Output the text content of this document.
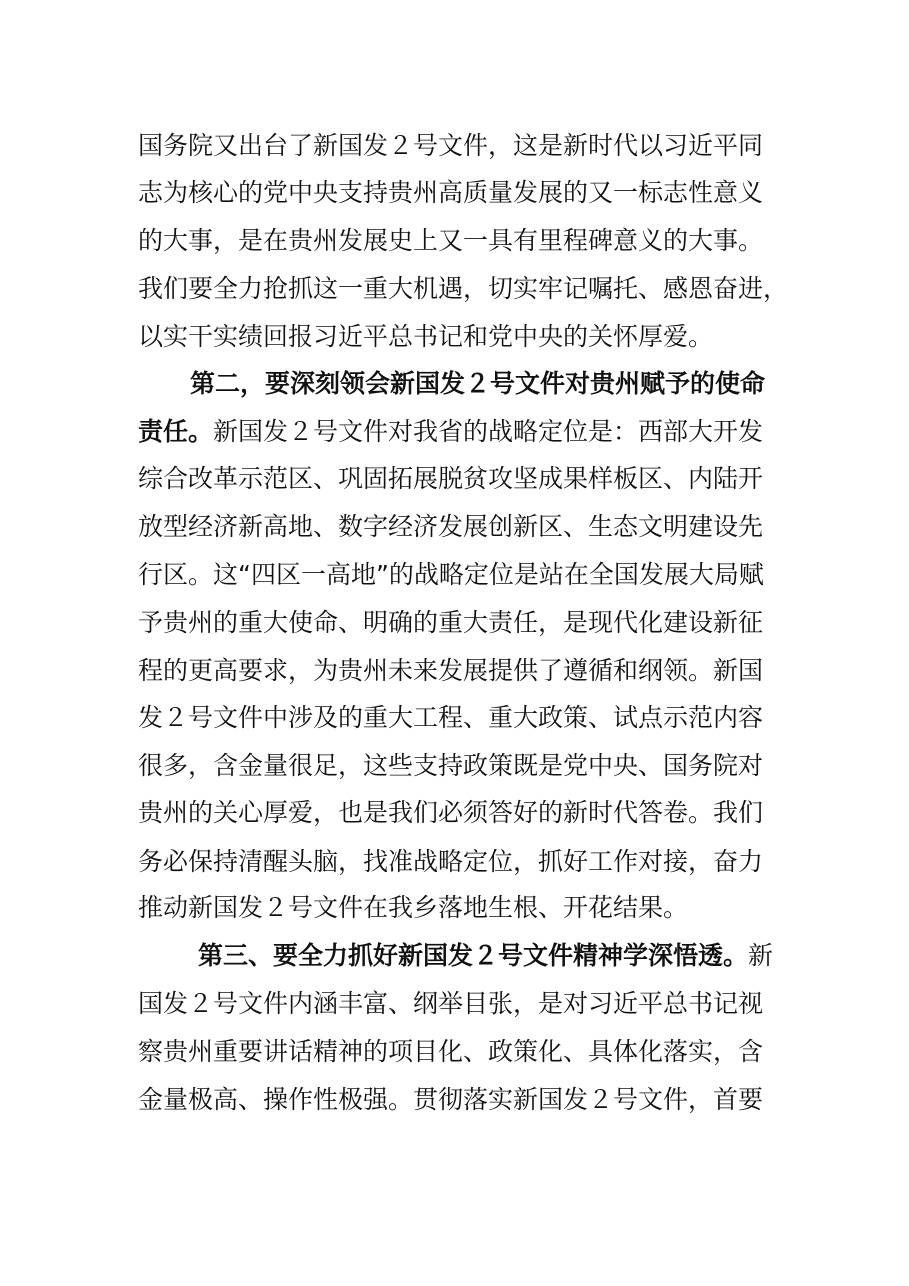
国务院又出台了新国发２号文件，这是新时代以习近平同
志为核心的党中央支持贵州高质量发展的又一标志性意义
的大事，是在贵州发展史上又一具有里程碑意义的大事。
我们要全力抢抓这一重大机遇，切实牢记嘱托、感恩奋进，
以实干实绩回报习近平总书记和党中央的关怀厚爱。
第二，要深刻领会新国发２号文件对贵州赋予的使命
责任。新国发２号文件对我省的战略定位是：西部大开发
综合改革示范区、巩固拓展脱贫攻坚成果样板区、内陆开
放型经济新高地、数字经济发展创新区、生态文明建设先
行区。这“四区一高地”的战略定位是站在全国发展大局赋
予贵州的重大使命、明确的重大责任，是现代化建设新征
程的更高要求，为贵州未来发展提供了遵循和纲领。新国
发２号文件中涉及的重大工程、重大政策、试点示范内容
很多，含金量很足，这些支持政策既是党中央、国务院对
贵州的关心厚爱，也是我们必须答好的新时代答卷。我们
务必保持清醒头脑，找准战略定位，抓好工作对接，奋力
推动新国发２号文件在我乡落地生根、开花结果。
第三、要全力抓好新国发２号文件精神学深悟透。新
国发２号文件内涵丰富、纲举目张，是对习近平总书记视
察贵州重要讲话精神的项目化、政策化、具体化落实，含
金量极高、操作性极强。贯彻落实新国发２号文件，首要
